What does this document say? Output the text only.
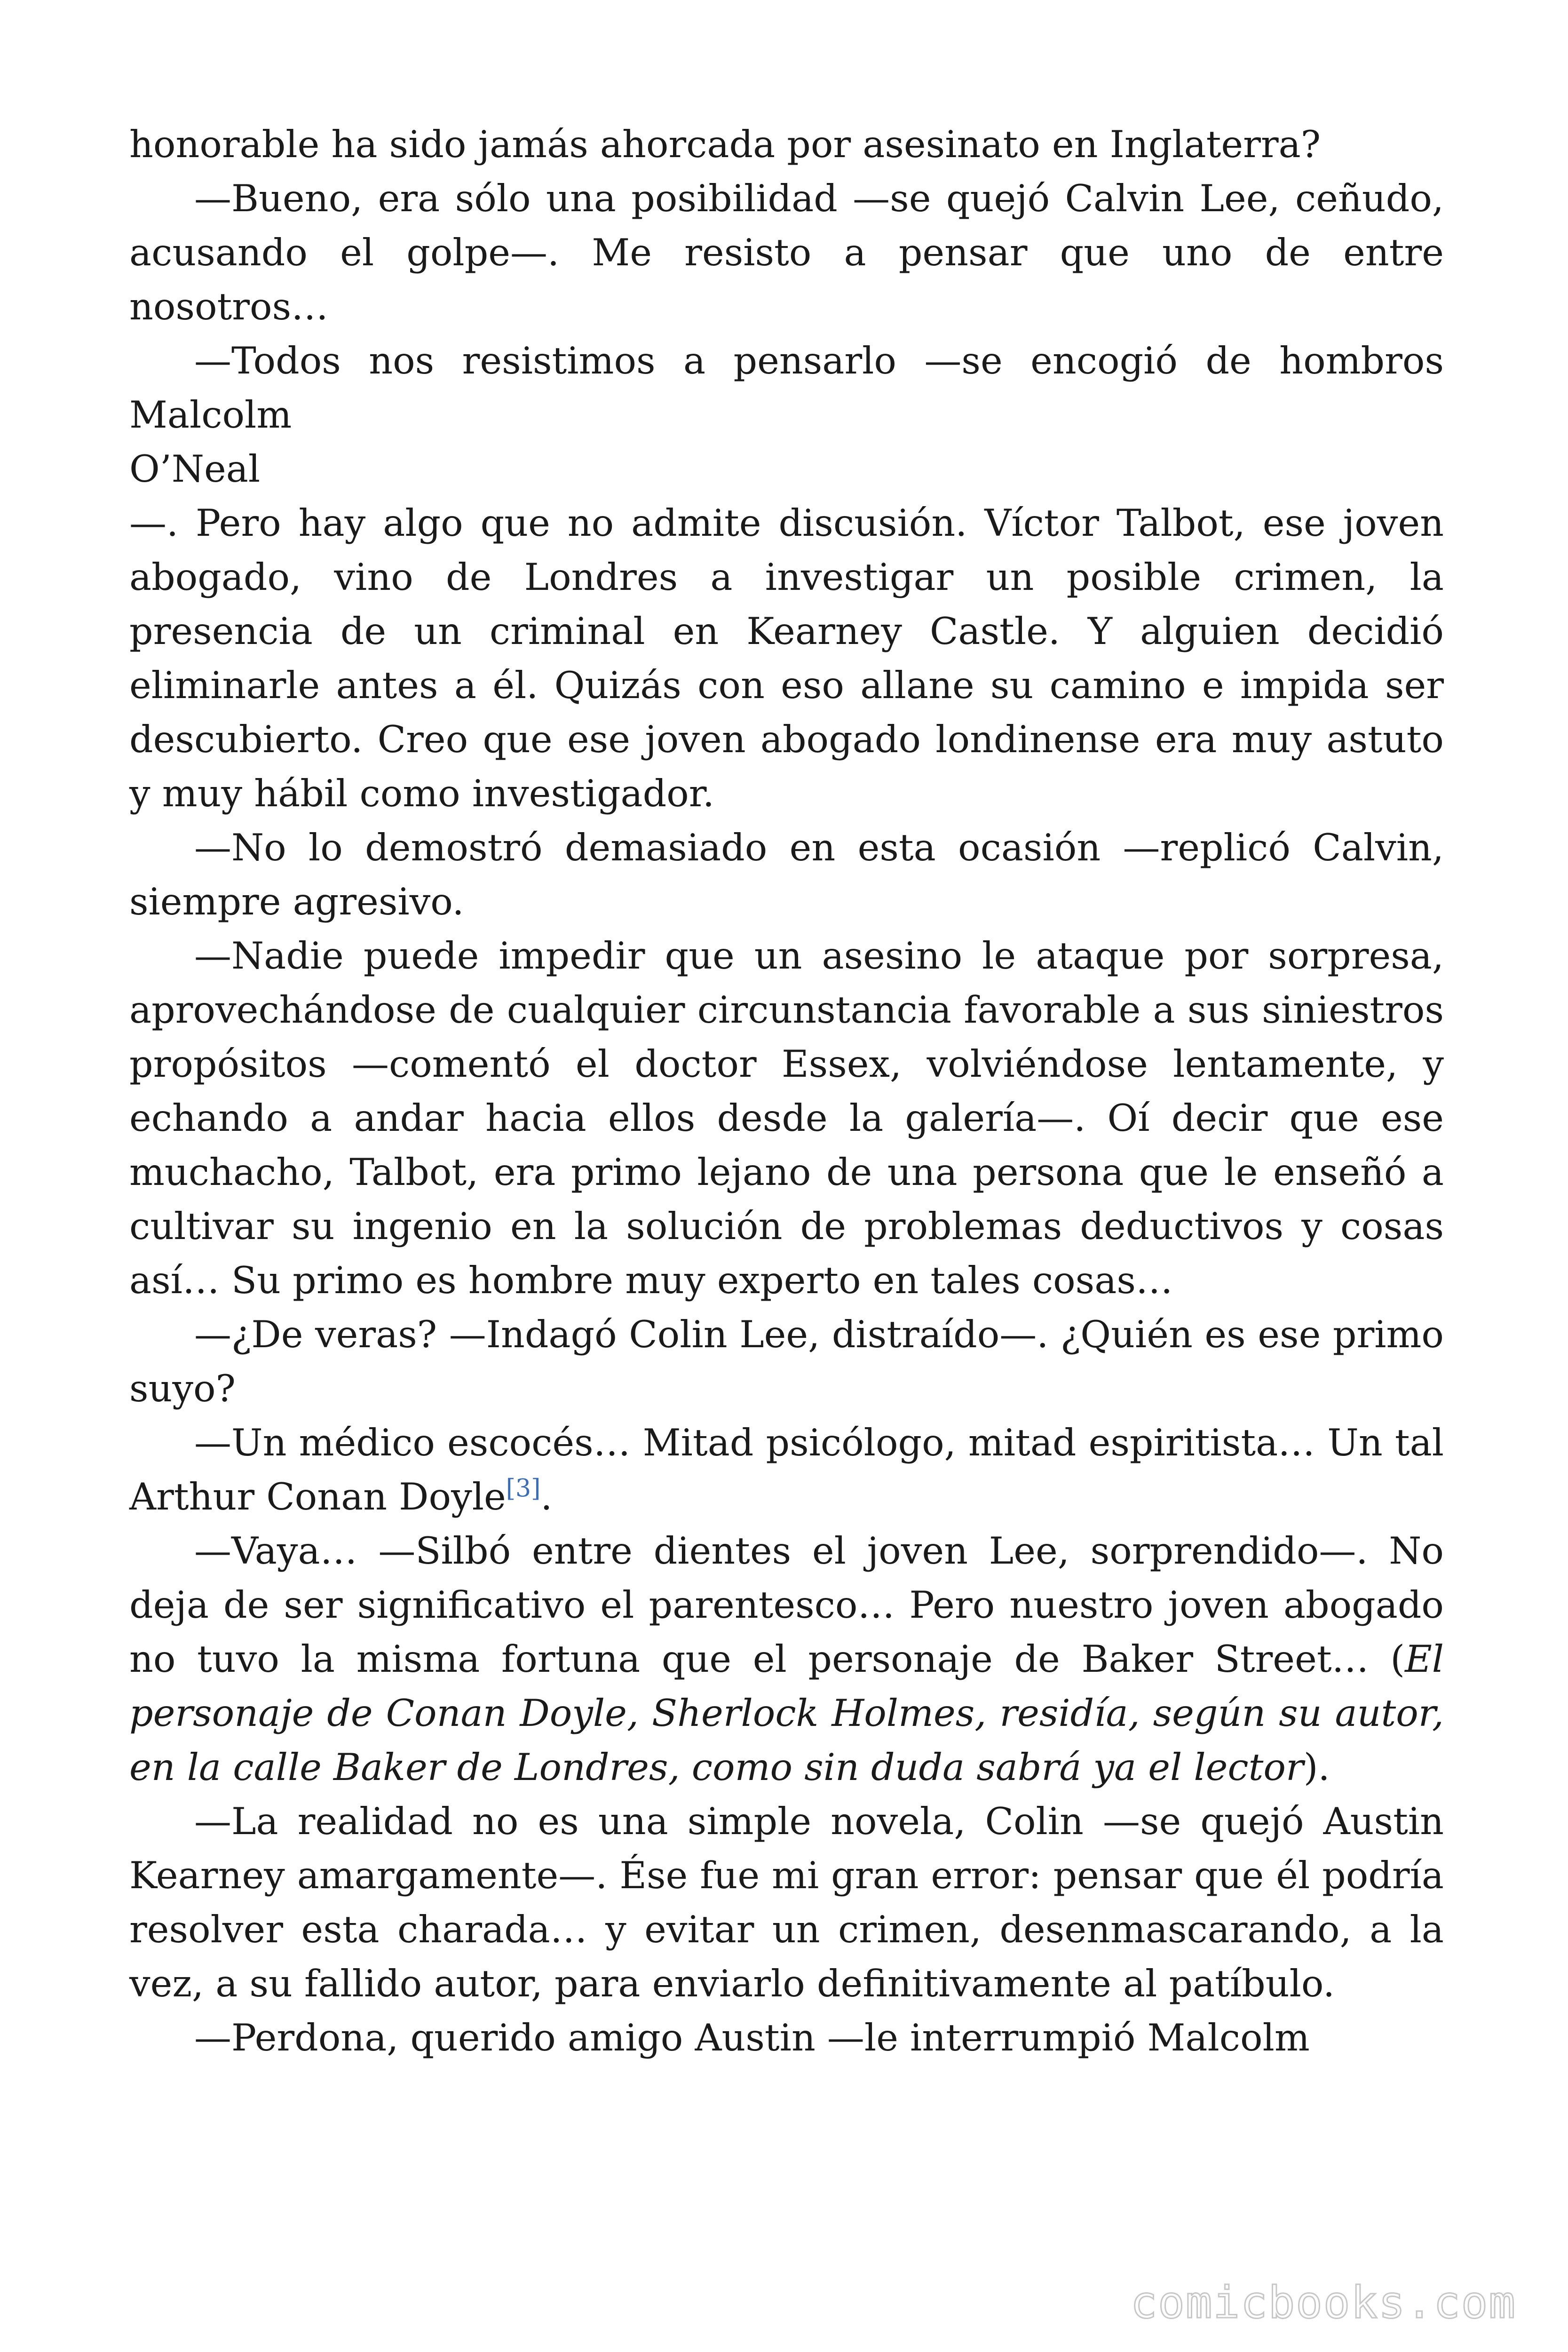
honorable ha sido jamás ahorcada por asesinato en Inglaterra?

—Bueno, era sólo una posibilidad —se quejó Calvin Lee, ceñudo, acusando el golpe—. Me resisto a pensar que uno de entre nosotros…

—Todos nos resistimos a pensarlo —se encogió de hombros Malcolm

O’Neal

—. Pero hay algo que no admite discusión. Víctor Talbot, ese joven abogado, vino de Londres a investigar un posible crimen, la presencia de un criminal en Kearney Castle. Y alguien decidió eliminarle antes a él. Quizás con eso allane su camino e impida ser descubierto. Creo que ese joven abogado londinense era muy astuto y muy hábil como investigador.

—No lo demostró demasiado en esta ocasión —replicó Calvin, siempre agresivo.

—Nadie puede impedir que un asesino le ataque por sorpresa, aprovechándose de cualquier circunstancia favorable a sus siniestros propósitos —comentó el doctor Essex, volviéndose lentamente, y echando a andar hacia ellos desde la galería—. Oí decir que ese muchacho, Talbot, era primo lejano de una persona que le enseñó a cultivar su ingenio en la solución de problemas deductivos y cosas así… Su primo es hombre muy experto en tales cosas…

—¿De veras? —Indagó Colin Lee, distraído—. ¿Quién es ese primo suyo?

—Un médico escocés… Mitad psicólogo, mitad espiritista… Un tal Arthur Conan Doyle[3].

—Vaya… —Silbó entre dientes el joven Lee, sorprendido—. No deja de ser significativo el parentesco… Pero nuestro joven abogado no tuvo la misma fortuna que el personaje de Baker Street… (El personaje de Conan Doyle, Sherlock Holmes, residía, según su autor, en la calle Baker de Londres, como sin duda sabrá ya el lector).

—La realidad no es una simple novela, Colin —se quejó Austin Kearney amargamente—. Ése fue mi gran error: pensar que él podría resolver esta charada… y evitar un crimen, desenmascarando, a la vez, a su fallido autor, para enviarlo definitivamente al patíbulo.

—Perdona, querido amigo Austin —le interrumpió Malcolm

comicbooks.com
